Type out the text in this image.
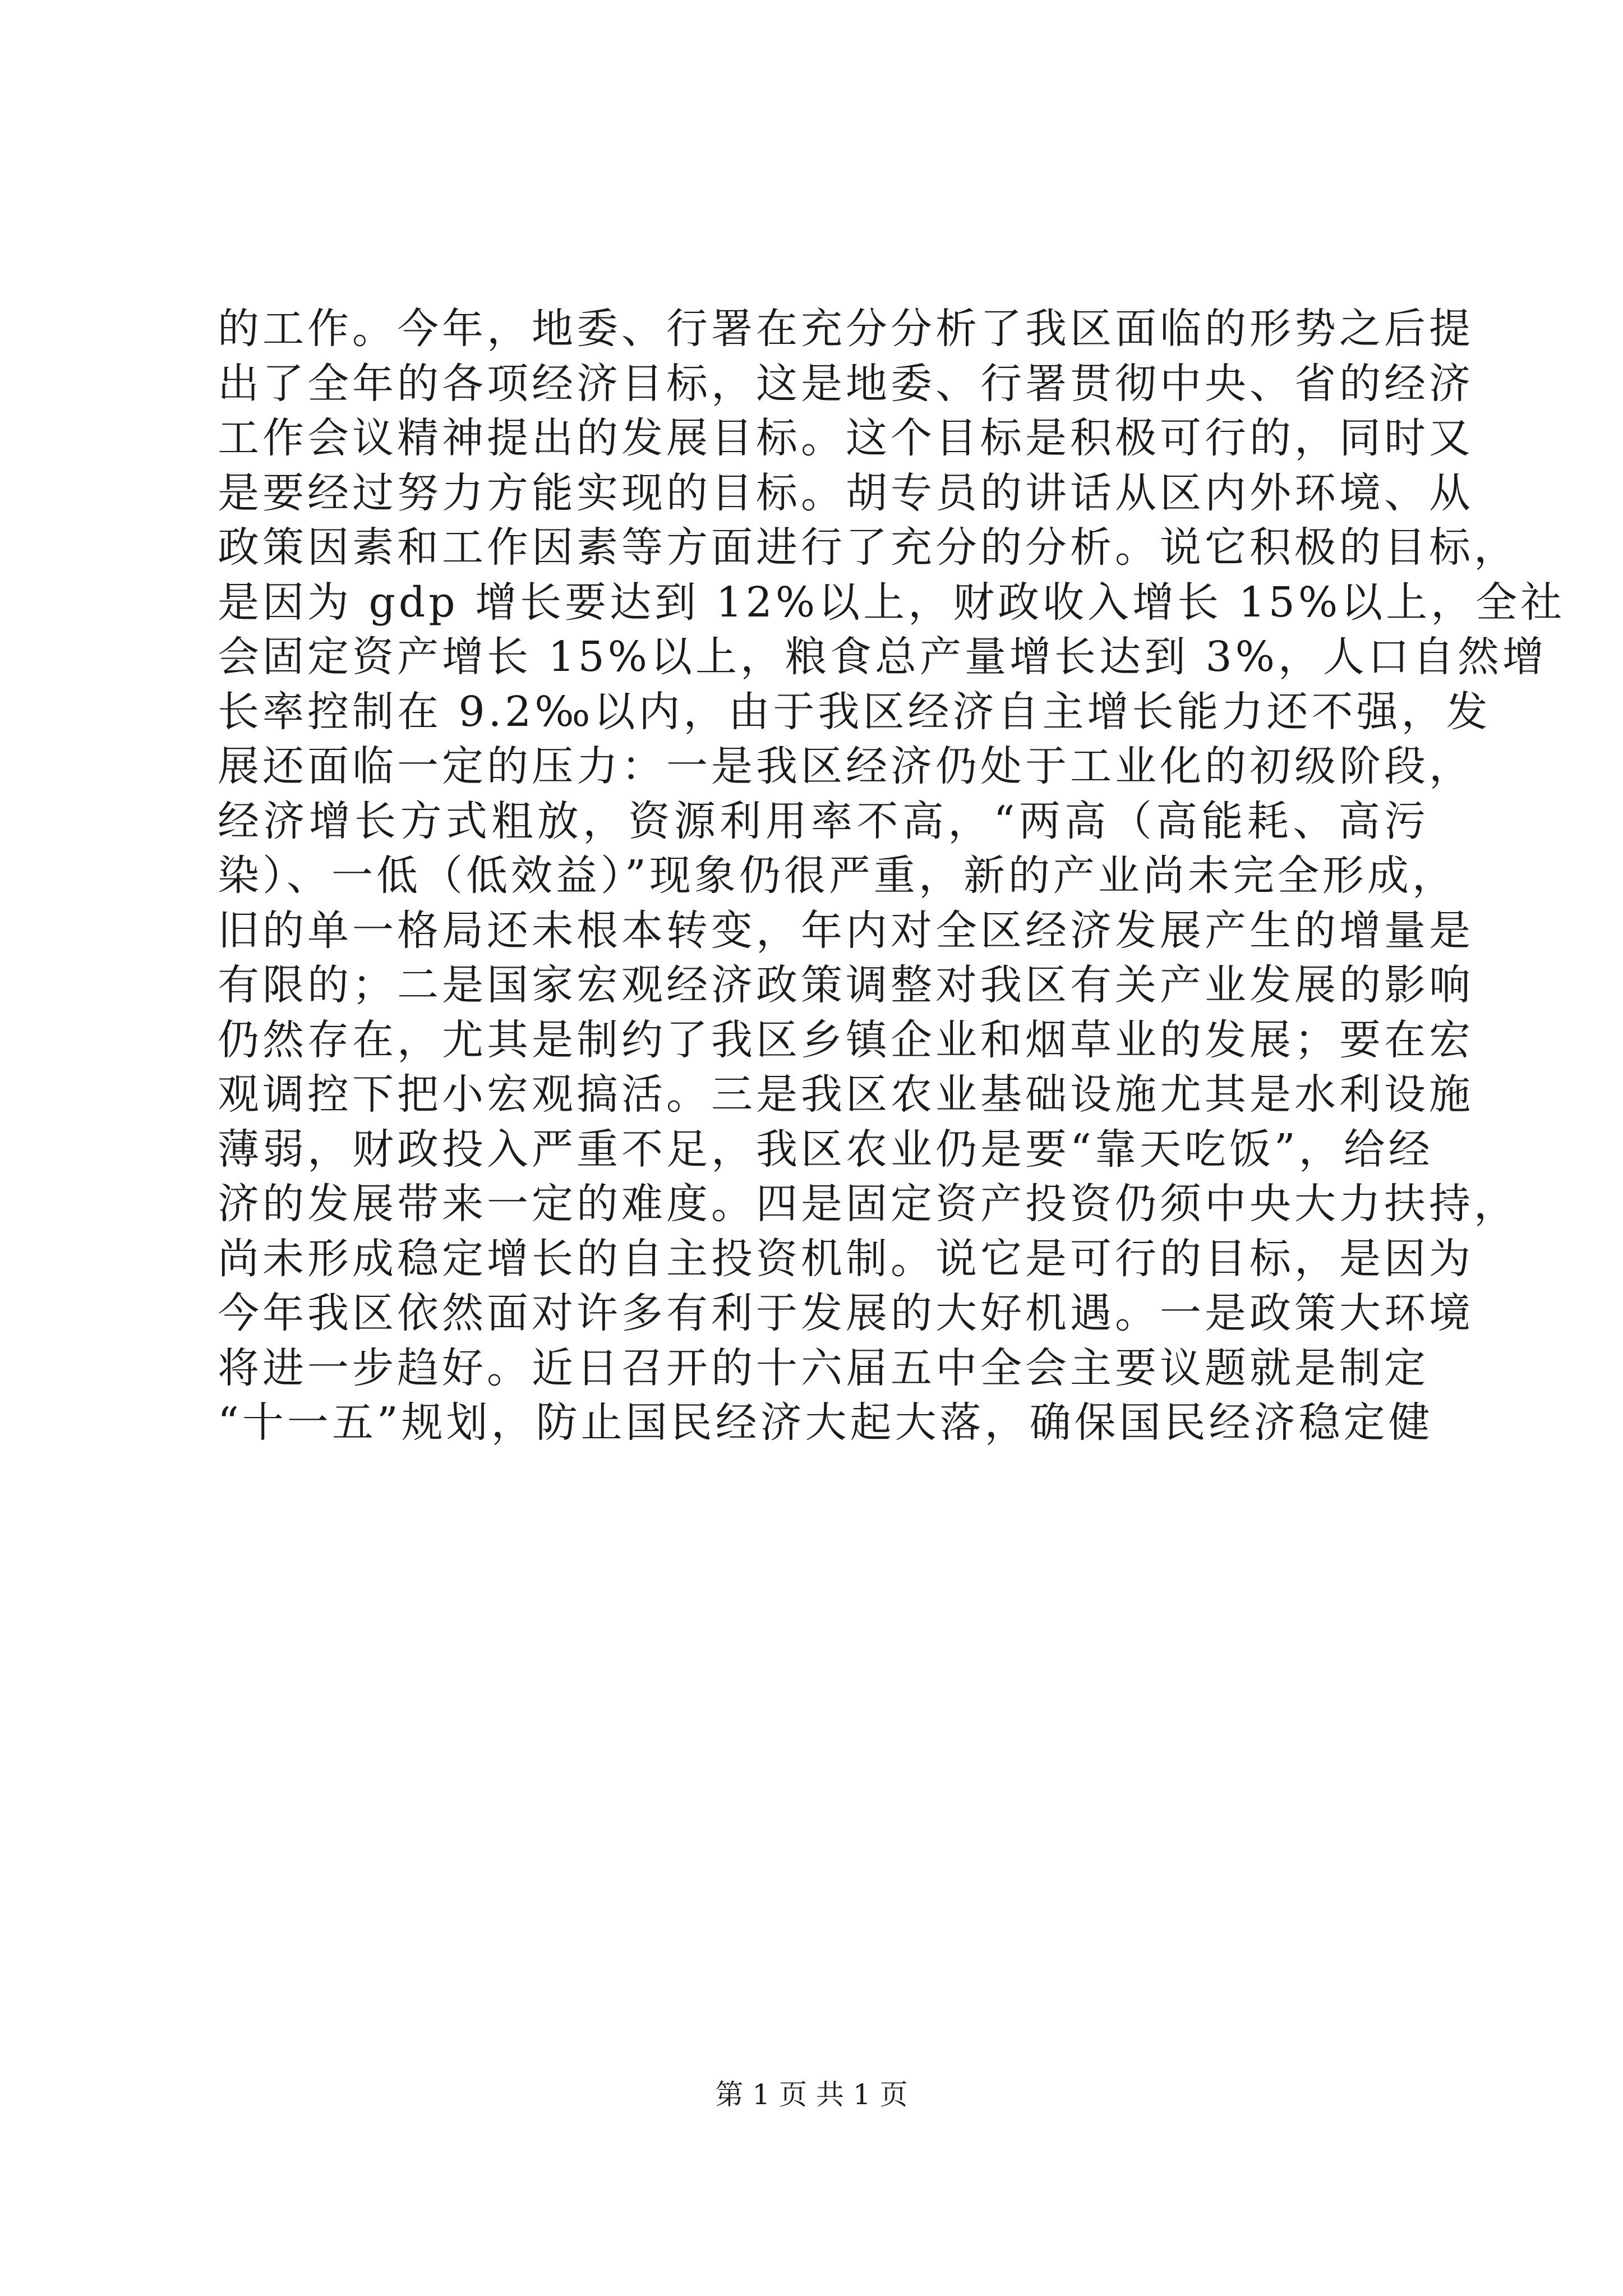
的工作。今年，地委、行署在充分分析了我区面临的形势之后提
出了全年的各项经济目标，这是地委、行署贯彻中央、省的经济
工作会议精神提出的发展目标。这个目标是积极可行的，同时又
是要经过努力方能实现的目标。胡专员的讲话从区内外环境、从
政策因素和工作因素等方面进行了充分的分析。说它积极的目标，
是因为 gdp 增长要达到 12%以上，财政收入增长 15%以上，全社
会固定资产增长 15%以上，粮食总产量增长达到 3%，人口自然增
长率控制在 9.2‰以内，由于我区经济自主增长能力还不强，发
展还面临一定的压力：一是我区经济仍处于工业化的初级阶段，
经济增长方式粗放，资源利用率不高，“两高（高能耗、高污
染）、一低（低效益）”现象仍很严重，新的产业尚未完全形成，
旧的单一格局还未根本转变，年内对全区经济发展产生的增量是
有限的；二是国家宏观经济政策调整对我区有关产业发展的影响
仍然存在，尤其是制约了我区乡镇企业和烟草业的发展；要在宏
观调控下把小宏观搞活。三是我区农业基础设施尤其是水利设施
薄弱，财政投入严重不足，我区农业仍是要“靠天吃饭”，给经
济的发展带来一定的难度。四是固定资产投资仍须中央大力扶持，
尚未形成稳定增长的自主投资机制。说它是可行的目标，是因为
今年我区依然面对许多有利于发展的大好机遇。一是政策大环境
将进一步趋好。近日召开的十六届五中全会主要议题就是制定
“十一五”规划，防止国民经济大起大落，确保国民经济稳定健
第 1 页 共 1 页
